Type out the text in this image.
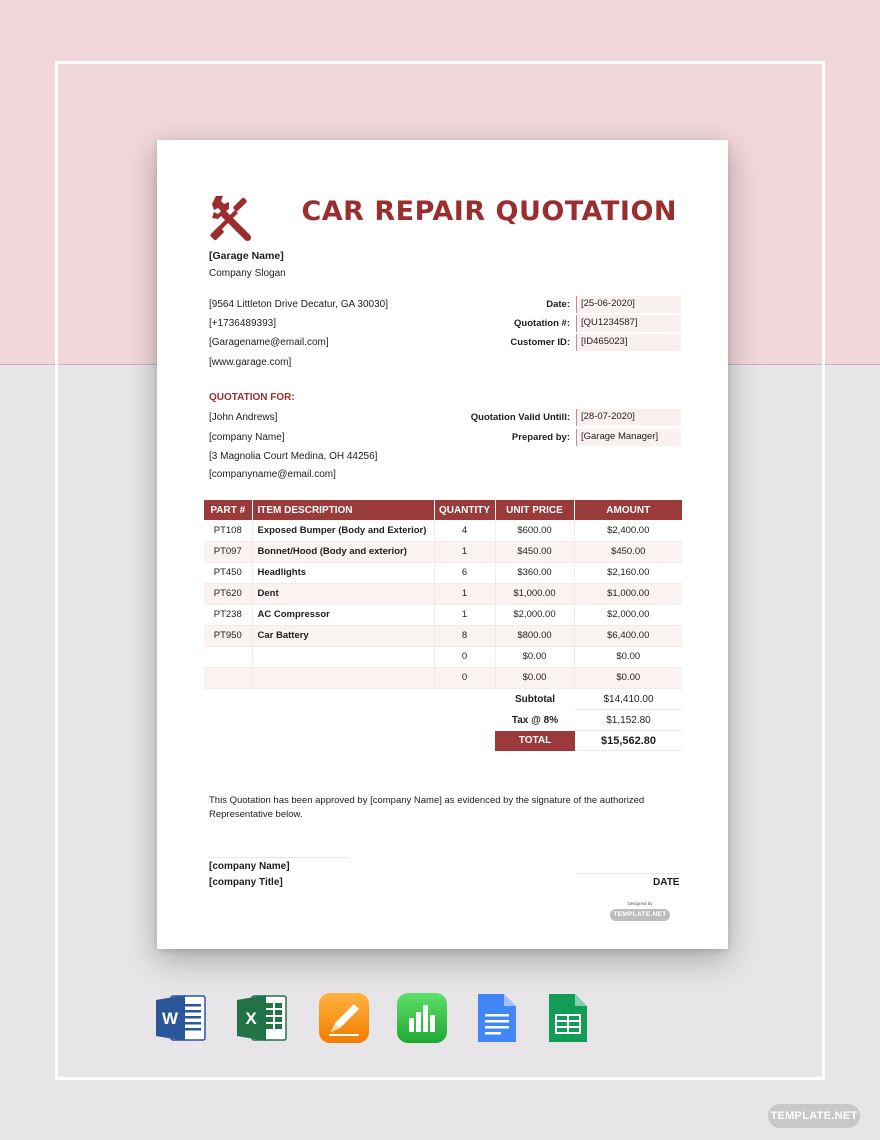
CAR REPAIR QUOTATION
[Garage Name]
Company Slogan
[9564 Littleton Drive Decatur, GA 30030]
[+1736489393]
[Garagename@email.com]
[www.garage.com]
Date:	[25-06-2020]
Quotation #:	[QU1234587]
Customer ID:	[ID465023]
QUOTATION FOR:
[John Andrews]
[company Name]
[3 Magnolia Court Medina, OH 44256]
[companyname@email.com]
Quotation Valid Untill:	[28-07-2020]
Prepared by:	[Garage Manager]
PART #	ITEM DESCRIPTION	QUANTITY	UNIT PRICE	AMOUNT
PT108	Exposed Bumper (Body and Exterior)	4	$600.00	$2,400.00
PT097	Bonnet/Hood (Body and exterior)	1	$450.00	$450.00
PT450	Headlights	6	$360.00	$2,160.00
PT620	Dent	1	$1,000.00	$1,000.00
PT238	AC Compressor	1	$2,000.00	$2,000.00
PT950	Car Battery	8	$800.00	$6,400.00
		0	$0.00	$0.00
		0	$0.00	$0.00
Subtotal	$14,410.00
Tax @ 8%	$1,152.80
TOTAL	$15,562.80
This Quotation has been approved by [company Name] as evidenced by the signature of the authorized Representative below.
[company Name]
[company Title]	DATE
Designed by
TEMPLATE.NET
W	X
TEMPLATE.NET
